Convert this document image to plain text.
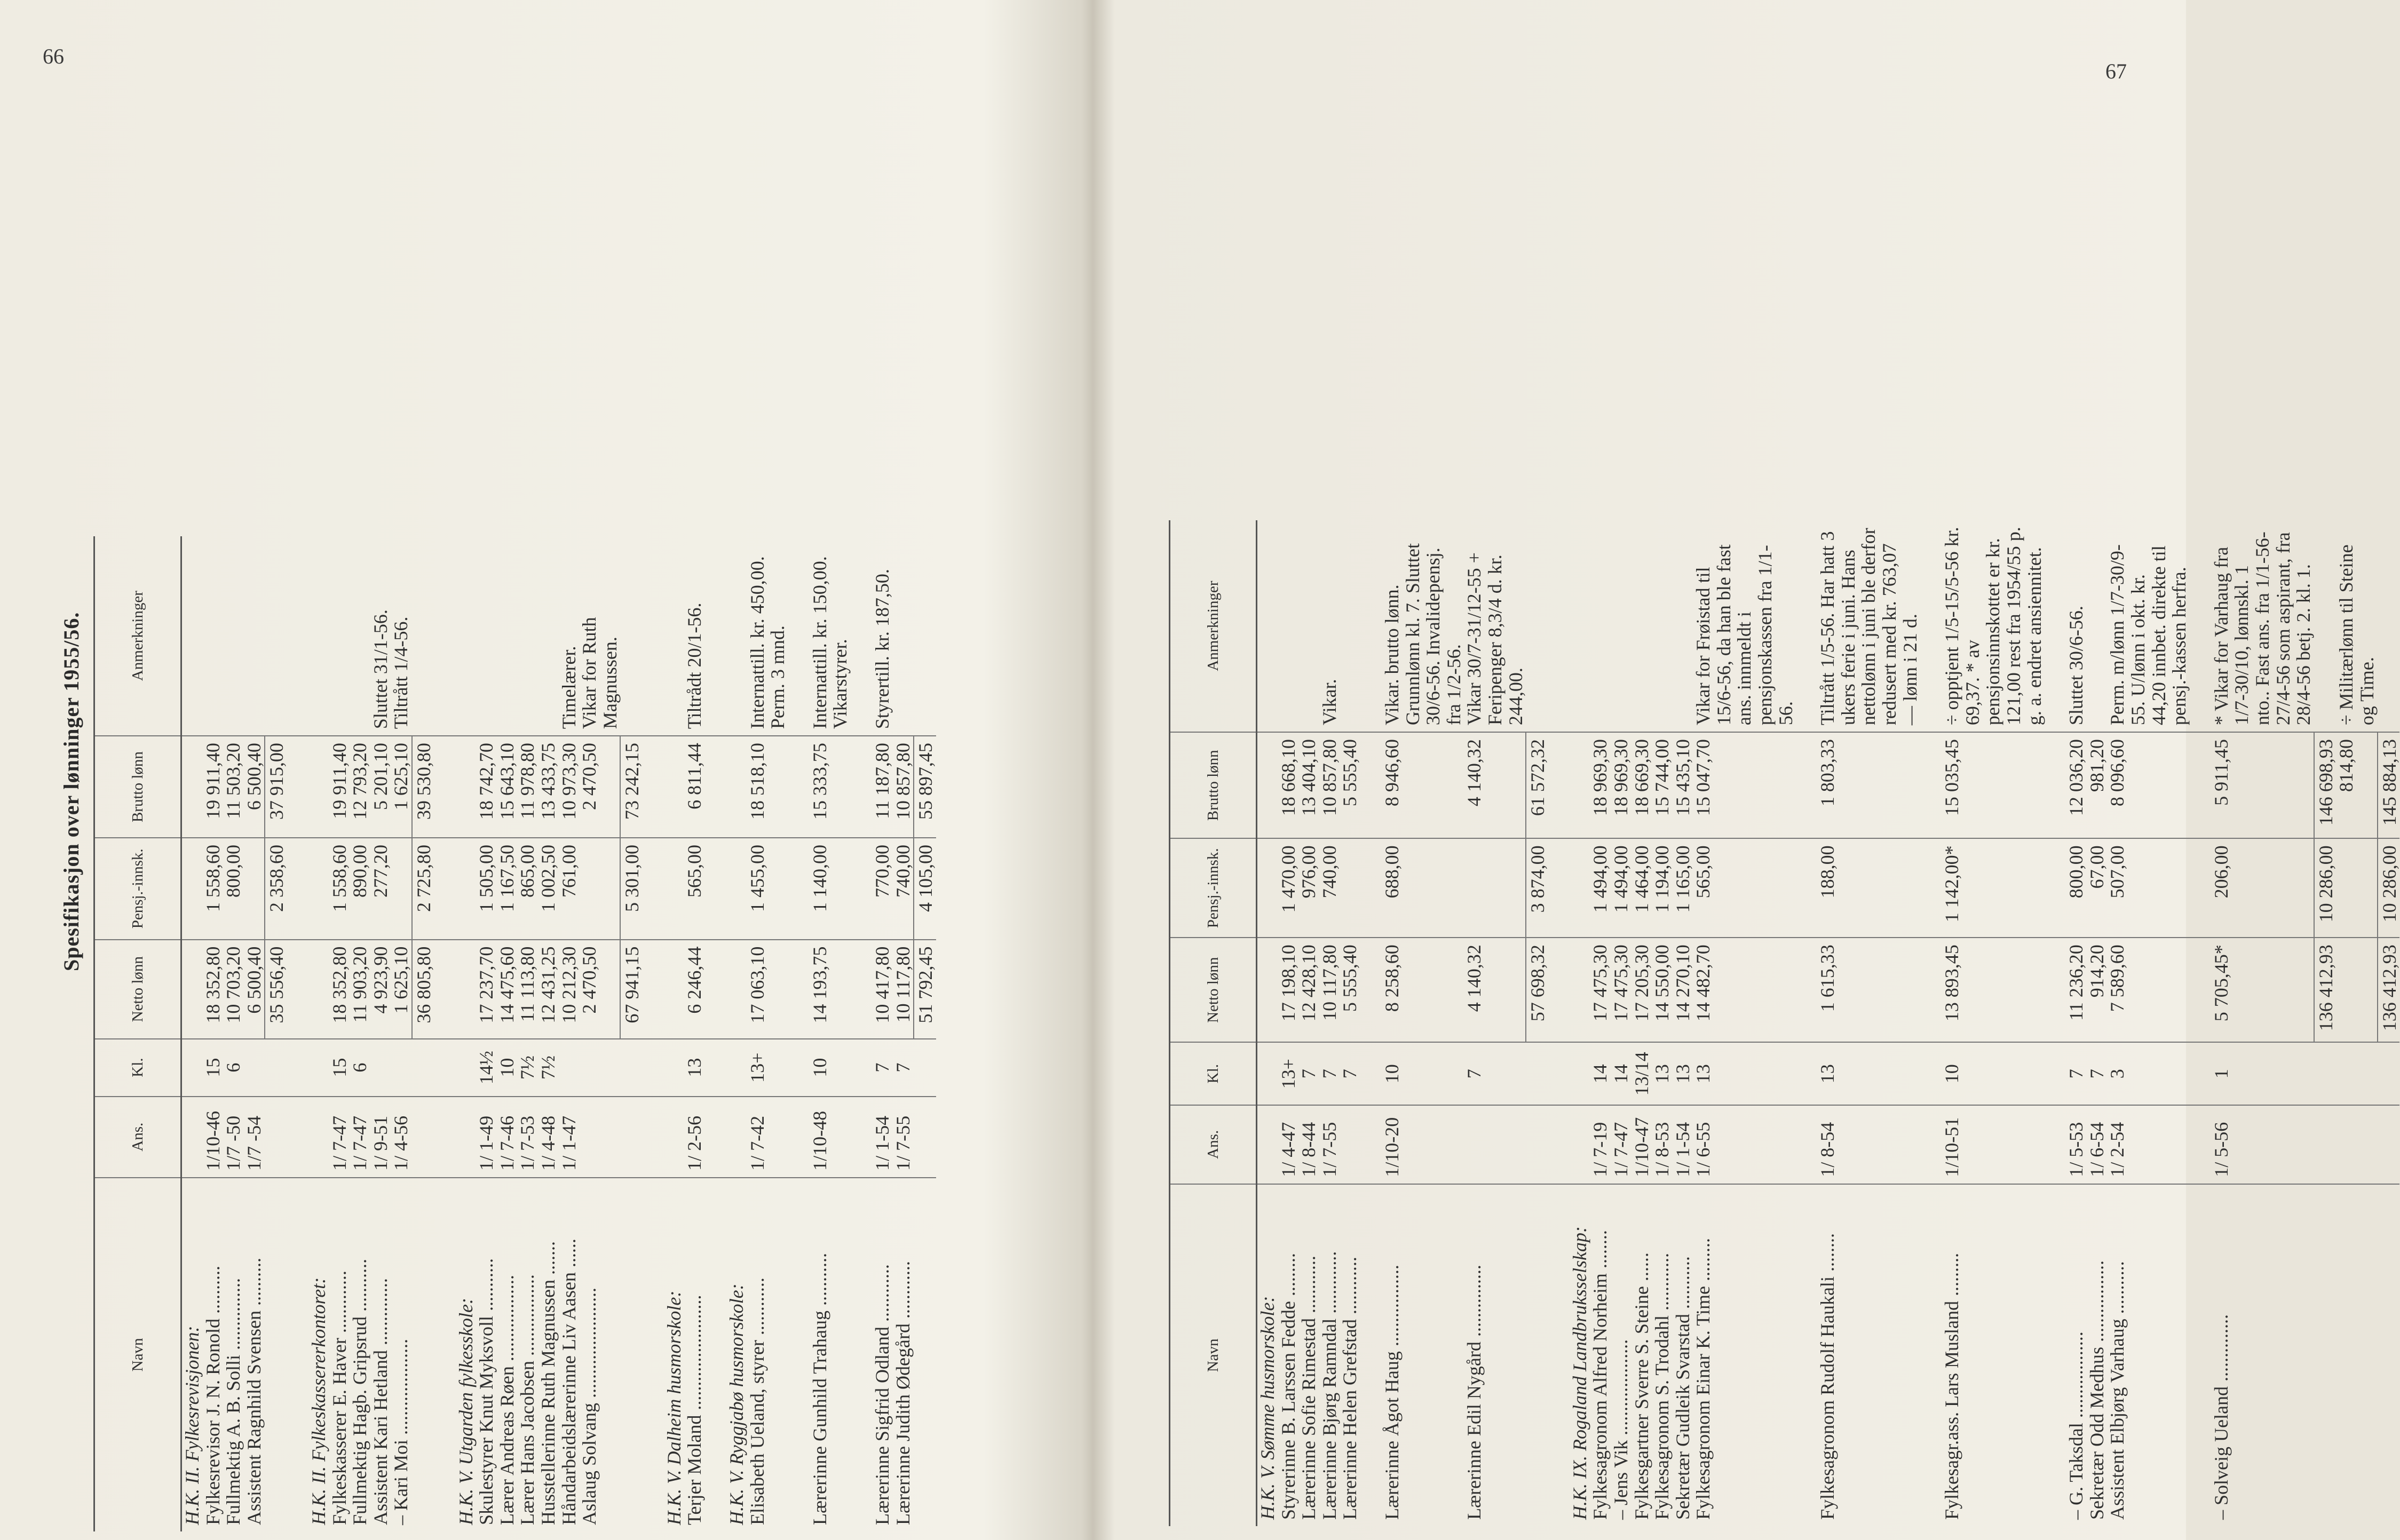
66
67
Spesifikasjon over lønninger 1955/56.
Navn	Ans.	Kl.	Netto lønn	Pensj.-innsk.	Brutto lønn	Anmerkninger
H.K. II. Fylkesrevisjonen:						
Fylkesrevisor J. N. Ronold ..........	1/10-46	15	18 352,80	1 558,60	19 911,40	
Fullmektig A. B. Solli ...............	1/7 -50	6	10 703,20	800,00	11 503,20	
Assistent Ragnhild Svensen ..........	1/7 -54		6 500,40		6 500,40	
			35 556,40	2 358,60	37 915,00	

H.K. II. Fylkeskassererkontoret:						
Fylkeskasserer E. Haver .............	1/ 7-47	15	18 352,80	1 558,60	19 911,40	
Fullmektig Hagb. Gripsrud ...........	1/ 7-47	6	11 903,20	890,00	12 793,20	
Assistent Kari Hetland ..............	1/ 9-51		4 923,90	277,20	5 201,10	Sluttet 31/1-56.
– Kari Moi ....................	1/ 4-56		1 625,10		1 625,10	Tiltrått 1/4-56.
			36 805,80	2 725,80	39 530,80	

H.K. V. Utgarden fylkesskole:						
Skulestyrer Knut Myksvoll ...........	1/ 1-49	14½	17 237,70	1 505,00	18 742,70	
Lærer Andreas Røen ..................	1/ 7-46	10	14 475,60	1 167,50	15 643,10	
Lærer Hans Jacobsen .................	1/ 7-53	7½	11 113,80	865,00	11 978,80	
Husstellerinne Ruth Magnussen .......	1/ 4-48	7½	12 431,25	1 002,50	13 433,75	
Håndarbeidslærerinne Liv Aasen ......	1/ 1-47		10 212,30	761,00	10 973,30	Timelærer.
Aslaug Solvang .......................			2 470,50		2 470,50	Vikar for Ruth Magnussen.
			67 941,15	5 301,00	73 242,15	

H.K. V. Dalheim husmorskole:						
Terjer Moland ........................	1/ 2-56	13	6 246,44	565,00	6 811,44	Tiltrådt 20/1-56.

H.K. V. Ryggjabø husmorskole:						
Elisabeth Ueland, styrer ............	1/ 7-42	13+	17 063,10	1 455,00	18 518,10	Internattill. kr. 450,00. Perm. 3 mnd.

Lærerinne Gunhild Trahaug ...........	1/10-48	10	14 193,75	1 140,00	15 333,75	Internattill. kr. 150,00. Vikarstyrer.

Lærerinne Sigfrid Odland ............	1/ 1-54	7	10 417,80	770,00	11 187,80	Styrertill. kr. 187,50.
Lærerinne Judith Ødegård ............	1/ 7-55	7	10 117,80	740,00	10 857,80	
			51 792,45	4 105,00	55 897,45	
Navn	Ans.	Kl.	Netto lønn	Pensj.-innsk.	Brutto lønn	Anmerkninger
H.K. V. Sømme husmorskole:						
Styrerinne B. Larssen Fedde .........	1/ 4-47	13+	17 198,10	1 470,00	18 668,10	
Lærerinne Sofie Rimestad ............	1/ 8-44	7	12 428,10	976,00	13 404,10	
Lærerinne Bjørg Ramndal .............	1/ 7-55	7	10 117,80	740,00	10 857,80	Vikar.
Lærerinne Helen Grefstad ............		7	5 555,40		5 555,40	

Lærerinne Ågot Haug .................	1/10-20	10	8 258,60	688,00	8 946,60	Vikar. brutto lønn. Grunnlønn kl. 7. Sluttet 30/6-56. Invalidepensj. fra 1/2-56.
Lærerinne Edil Nygård ...............		7	4 140,32		4 140,32	Vikar 30/7-31/12-55 + Feripenger 8,3/4 d. kr. 244,00.
			57 698,32	3 874,00	61 572,32	

H.K. IX. Rogaland Landbruksselskap:						
Fylkesagronom Alfred Norheim ........	1/ 7-19	14	17 475,30	1 494,00	18 969,30	
– Jens Vik ....................	1/ 7-47	14	17 475,30	1 494,00	18 969,30	
Fylkesgartner Sverre S. Steine ......	1/10-47	13/14	17 205,30	1 464,00	18 669,30	
Fylkesagronom S. Trodahl ............	1/ 8-53	13	14 550,00	1 194,00	15 744,00	
Sekretær Gudleik Svarstad ...........	1/ 1-54	13	14 270,10	1 165,00	15 435,10	
Fylkesagronom Einar K. Time .........	1/ 6-55	13	14 482,70	565,00	15 047,70	Vikar for Frøistad til 15/6-56, da han ble fast ans. innmeldt i pensjonskassen fra 1/1-56.

Fylkesagronom Rudolf Haukali ........	1/ 8-54	13	1 615,33	188,00	1 803,33	Tiltrått 1/5-56. Har hatt 3 ukers ferie i juni. Hans nettolønn i juni ble derfor redusert med kr. 763,07 — lønn i 21 d.

Fylkesagr.ass. Lars Musland .........	1/10-51	10	13 893,45	1 142,00*	15 035,45	÷ opptjent 1/5-15/5-56 kr. 69,37. * av pensjonsinnskottet er kr. 121,00 rest fra 1954/55 p. g. a. endret ansiennitet.

– G. Taksdal ..................	1/ 5-53	7	11 236,20	800,00	12 036,20	Sluttet 30/6-56.
Sekretær Odd Medhus .................	1/ 6-54	7	914,20	67,00	981,20	
Assistent Elbjørg Varhaug ...........	1/ 2-54	3	7 589,60	507,00	8 096,60	Perm. m/lønn 1/7-30/9-55. U/lønn i okt. kr. 44,20 innbet. direkte til pensj.-kassen herfra.

– Solveig Ueland ..............	1/ 5-56	1	5 705,45*	206,00	5 911,45	* Vikar for Varhaug fra 1/7-30/10, lønnskl. 1 nto.. Fast ans. fra 1/1-56-27/4-56 som aspirant, fra 28/4-56 betj. 2. kl. 1.
			136 412,93	10 286,00	146 698,93	
					814,80	÷ Militærlønn til Steine og Time.
			136 412,93	10 286,00	145 884,13	
